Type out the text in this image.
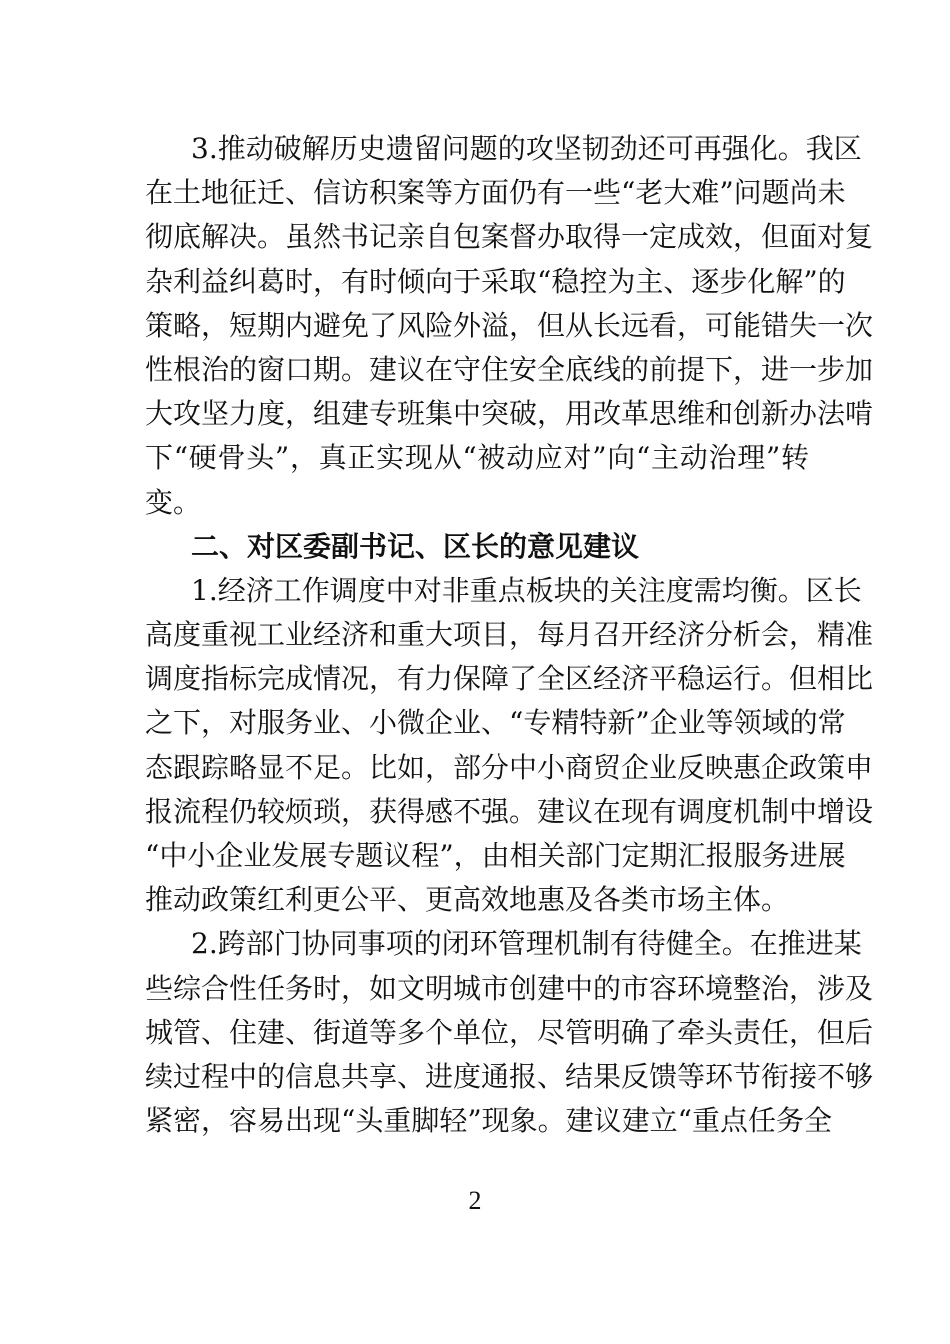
3.推动破解历史遗留问题的攻坚韧劲还可再强化。我区
在土地征迁、信访积案等方面仍有一些“老大难”问题尚未
彻底解决。虽然书记亲自包案督办取得一定成效，但面对复
杂利益纠葛时，有时倾向于采取“稳控为主、逐步化解”的
策略，短期内避免了风险外溢，但从长远看，可能错失一次
性根治的窗口期。建议在守住安全底线的前提下，进一步加
大攻坚力度，组建专班集中突破，用改革思维和创新办法啃
下“硬骨头”，真正实现从“被动应对”向“主动治理”转
变。
二、对区委副书记、区长的意见建议
1.经济工作调度中对非重点板块的关注度需均衡。区长
高度重视工业经济和重大项目，每月召开经济分析会，精准
调度指标完成情况，有力保障了全区经济平稳运行。但相比
之下，对服务业、小微企业、“专精特新”企业等领域的常
态跟踪略显不足。比如，部分中小商贸企业反映惠企政策申
报流程仍较烦琐，获得感不强。建议在现有调度机制中增设
“中小企业发展专题议程”，由相关部门定期汇报服务进展
推动政策红利更公平、更高效地惠及各类市场主体。
2.跨部门协同事项的闭环管理机制有待健全。在推进某
些综合性任务时，如文明城市创建中的市容环境整治，涉及
城管、住建、街道等多个单位，尽管明确了牵头责任，但后
续过程中的信息共享、进度通报、结果反馈等环节衔接不够
紧密，容易出现“头重脚轻”现象。建议建立“重点任务全
2
